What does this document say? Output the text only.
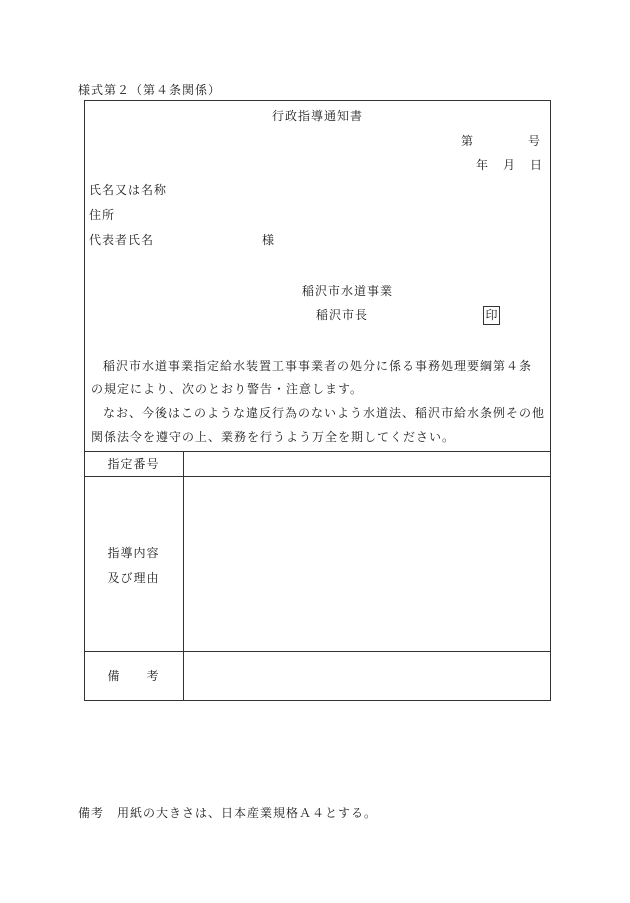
様式第２（第４条関係）
行政指導通知書
第	号
年 月 日
氏名又は名称
住所
代表者氏名	様
稲沢市水道事業
稲沢市長	印
稲沢市水道事業指定給水装置工事事業者の処分に係る事務処理要綱第４条
の規定により、次のとおり警告・注意します。
なお、今後はこのような違反行為のないよう水道法、稲沢市給水条例その他
関係法令を遵守の上、業務を行うよう万全を期してください。
指定番号
指導内容
及び理由
備　　考
備考　用紙の大きさは、日本産業規格Ａ４とする。
